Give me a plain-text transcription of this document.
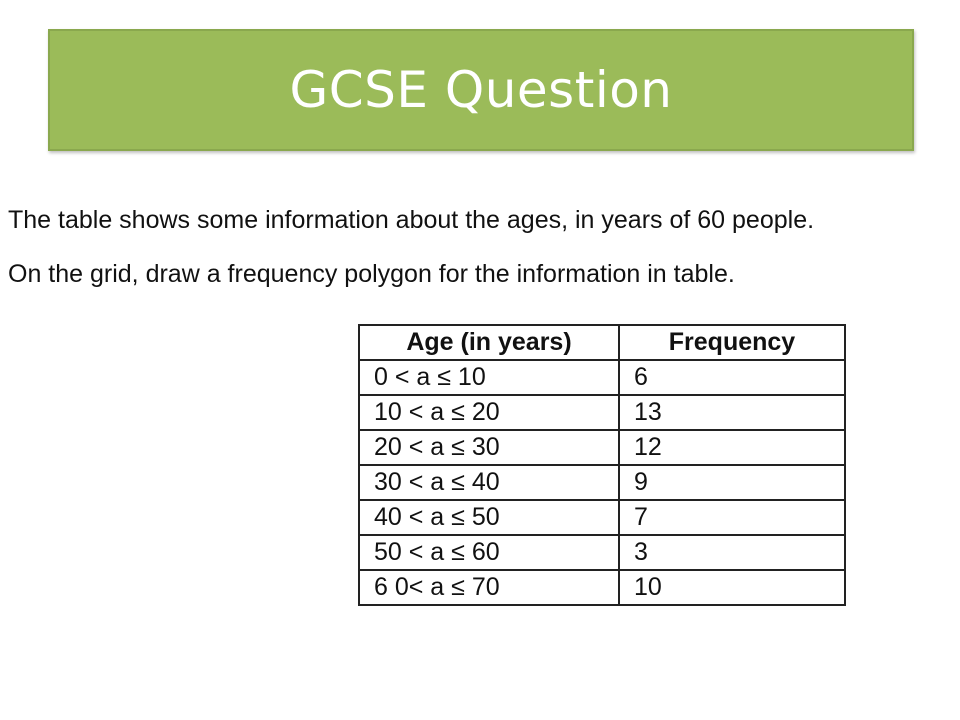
GCSE Question
The table shows some information about the ages, in years of 60 people.
On the grid, draw a frequency polygon for the information in table.
Age (in years)	Frequency
0 < a ≤ 10	6
10 < a ≤ 20	13
20 < a ≤ 30	12
30 < a ≤ 40	9
40 < a ≤ 50	7
50 < a ≤ 60	3
6 0< a ≤ 70	10
